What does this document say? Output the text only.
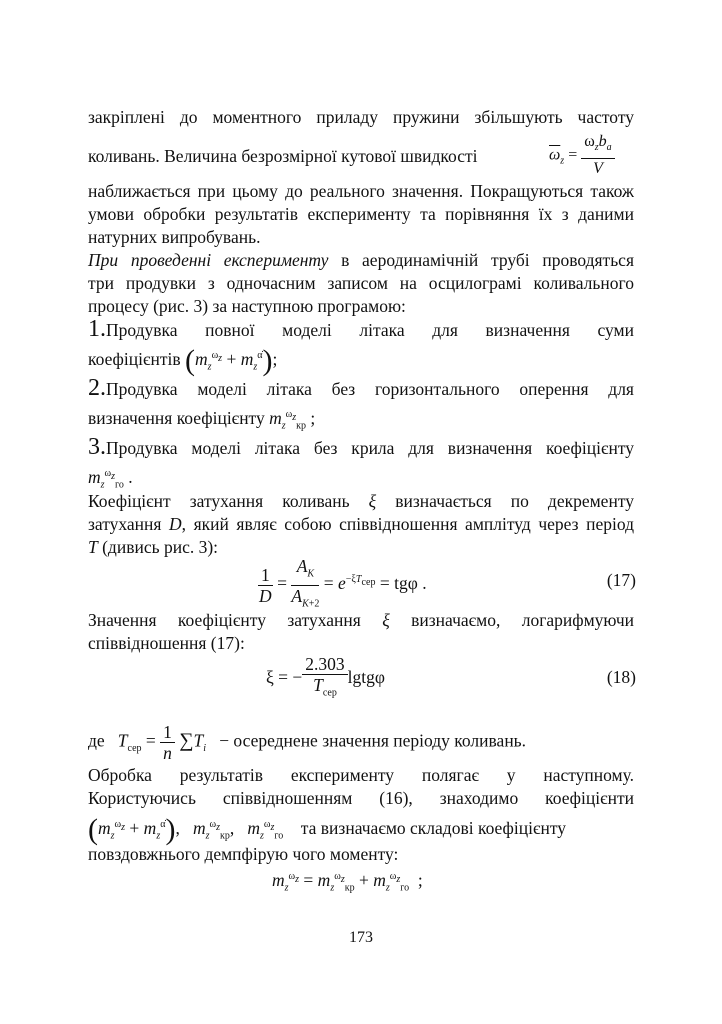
закріплені до моментного приладу пружини збільшують частоту
коливань. Величина безрозмірної кутової швидкості	$\overline{\omega}_z = \frac{\omega_zb_a}{V}$
наближається при цьому до реального значення. Покращуються також
умови обробки результатів експерименту та порівняння їх з даними
натурних випробувань.
При проведенні експерименту в аеродинамічній трубі проводяться
три продувки з одночасним записом на осцилограмі коливального
процесу (рис. 3) за наступною програмою:
1.Продувка повної моделі літака для визначення суми
коефіцієнтів $(m_z^{\omega_z} + m_z^{\alphȧ})$;
2.Продувка моделі літака без горизонтального оперення для
визначення коефіцієнту $m_z^{\omega_z}_{кр}$ ;
3.Продувка моделі літака без крила для визначення коефіцієнту
$m_z^{\omega_z}_{го}$ .
Коефіцієнт затухання коливань ξ визначається по декременту
затухання D, який являє собою співвідношення амплітуд через період
T (дивись рис. 3):
$\frac{1}{D} = \frac{A_K}{A_{K+2}} = e^{-\xi T_{сер}} = tg\varphi$ .	(17)
Значення коефіцієнту затухання ξ визначаємо, логарифмуючи
співвідношення (17):
ξ = − $\frac{2.303}{T_{сер}}$ lgtgφ	(18)
де $T_{сер} = \frac{1}{n} \sum T_i$ − осереднене значення періоду коливань.
Обробка результатів експерименту полягає у наступному.
Користуючись співвідношенням (16), знаходимо коефіцієнти
$(m_z^{\omega_z} + m_z^{\alphȧ})$,   $m_z^{\omega_z}_{кр}$,   $m_z^{\omega_z}_{го}$ та визначаємо складові коефіцієнту
повздовжнього демпфірую чого моменту:
$m_z^{\omega_z} = m_z^{\omega_z}_{кр} + m_z^{\omega_z}_{го}$  ;
173
